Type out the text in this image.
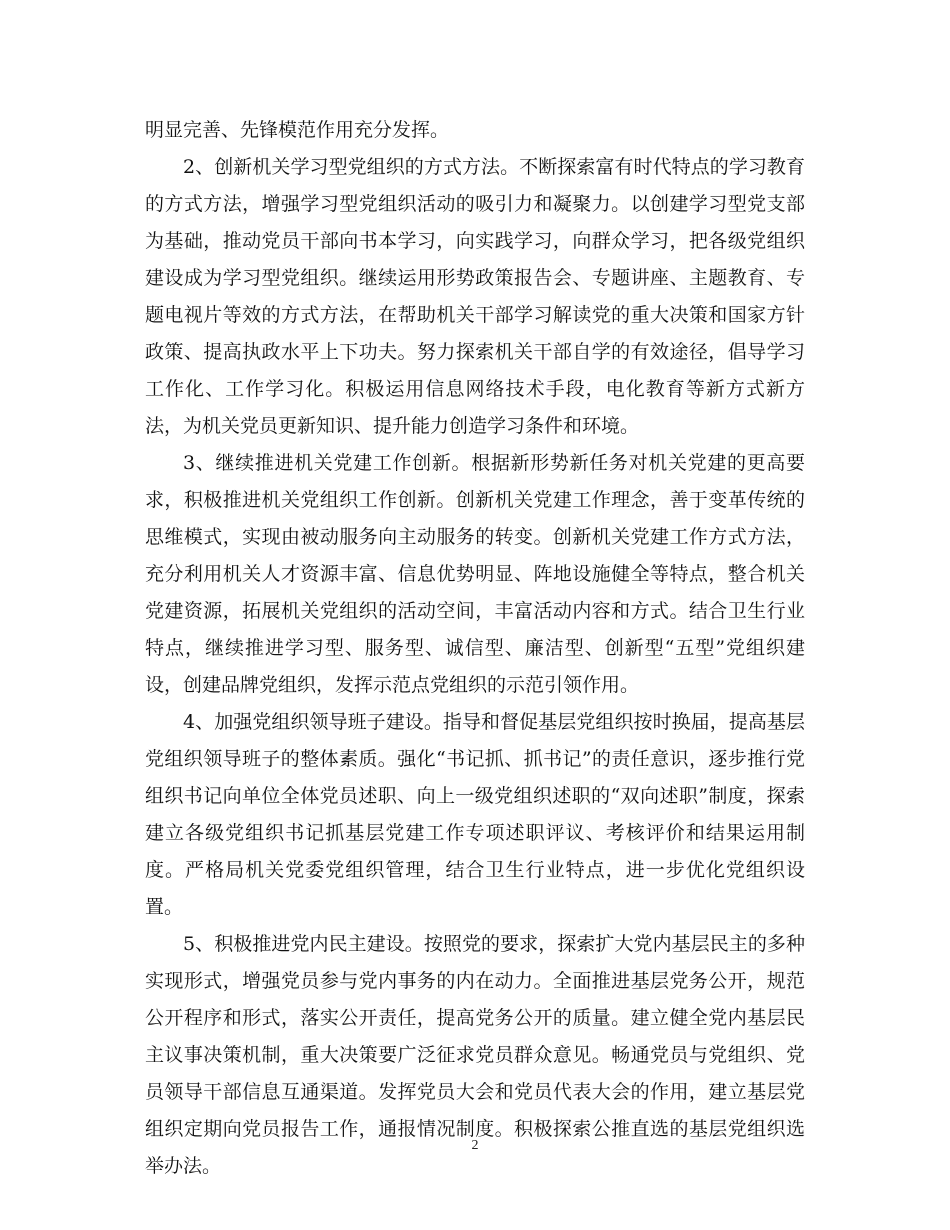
明显完善、先锋模范作用充分发挥。

2、创新机关学习型党组织的方式方法。不断探索富有时代特点的学习教育的方式方法，增强学习型党组织活动的吸引力和凝聚力。以创建学习型党支部为基础，推动党员干部向书本学习，向实践学习，向群众学习，把各级党组织建设成为学习型党组织。继续运用形势政策报告会、专题讲座、主题教育、专题电视片等效的方式方法，在帮助机关干部学习解读党的重大决策和国家方针政策、提高执政水平上下功夫。努力探索机关干部自学的有效途径，倡导学习工作化、工作学习化。积极运用信息网络技术手段，电化教育等新方式新方法，为机关党员更新知识、提升能力创造学习条件和环境。

3、继续推进机关党建工作创新。根据新形势新任务对机关党建的更高要求，积极推进机关党组织工作创新。创新机关党建工作理念，善于变革传统的思维模式，实现由被动服务向主动服务的转变。创新机关党建工作方式方法，充分利用机关人才资源丰富、信息优势明显、阵地设施健全等特点，整合机关党建资源，拓展机关党组织的活动空间，丰富活动内容和方式。结合卫生行业特点，继续推进学习型、服务型、诚信型、廉洁型、创新型“五型”党组织建设，创建品牌党组织，发挥示范点党组织的示范引领作用。

4、加强党组织领导班子建设。指导和督促基层党组织按时换届，提高基层党组织领导班子的整体素质。强化“书记抓、抓书记”的责任意识，逐步推行党组织书记向单位全体党员述职、向上一级党组织述职的“双向述职”制度，探索建立各级党组织书记抓基层党建工作专项述职评议、考核评价和结果运用制度。严格局机关党委党组织管理，结合卫生行业特点，进一步优化党组织设置。

5、积极推进党内民主建设。按照党的要求，探索扩大党内基层民主的多种实现形式，增强党员参与党内事务的内在动力。全面推进基层党务公开，规范公开程序和形式，落实公开责任，提高党务公开的质量。建立健全党内基层民主议事决策机制，重大决策要广泛征求党员群众意见。畅通党员与党组织、党员领导干部信息互通渠道。发挥党员大会和党员代表大会的作用，建立基层党组织定期向党员报告工作，通报情况制度。积极探索公推直选的基层党组织选举办法。

2
